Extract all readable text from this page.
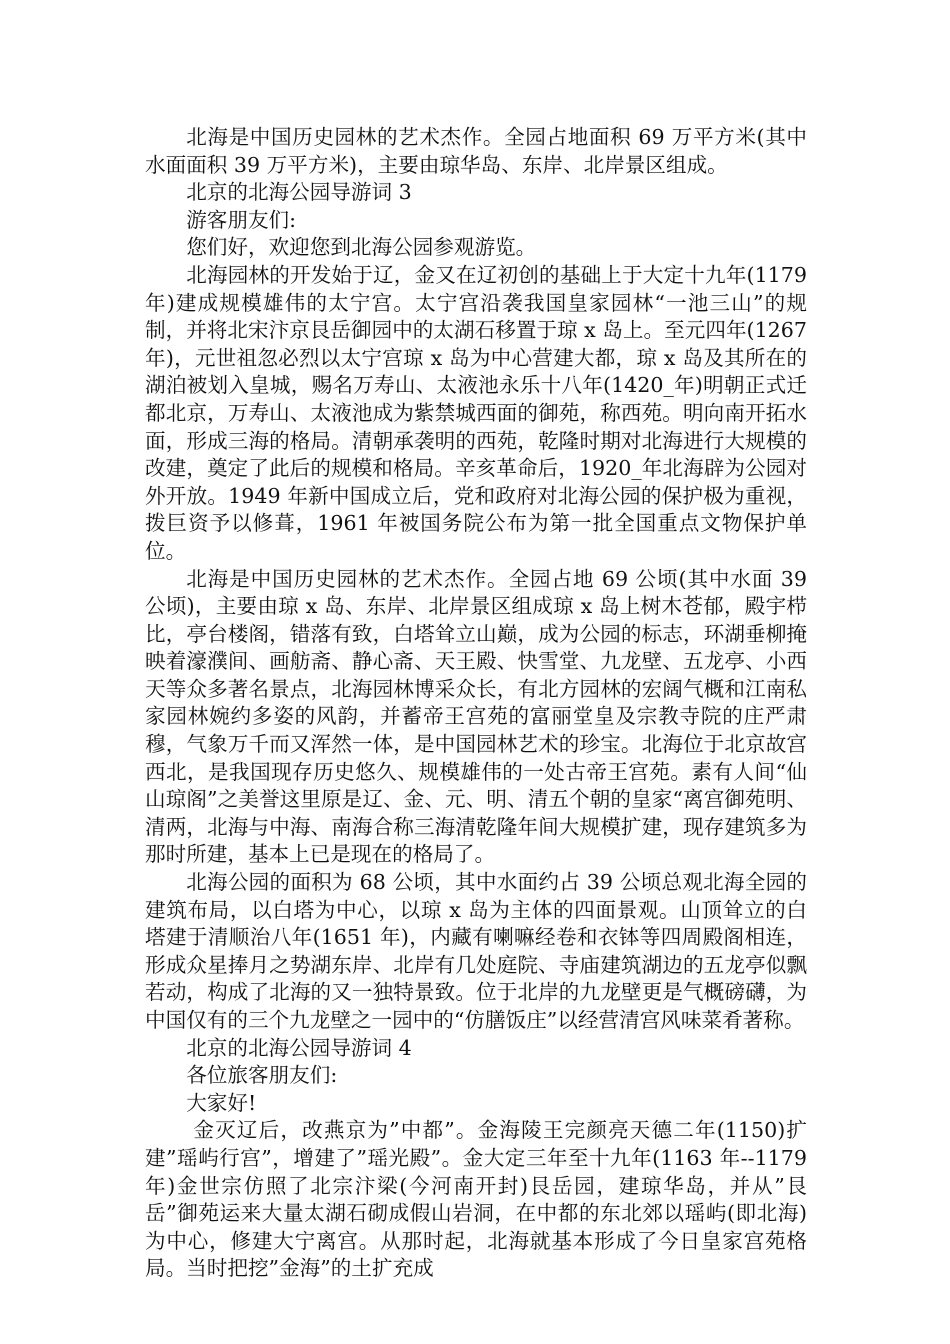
北海是中国历史园林的艺术杰作。全园占地面积 69 万平方米(其中水面面积 39 万平方米)，主要由琼华岛、东岸、北岸景区组成。

北京的北海公园导游词 3

游客朋友们:

您们好，欢迎您到北海公园参观游览。

北海园林的开发始于辽，金又在辽初创的基础上于大定十九年(1179 年)建成规模雄伟的太宁宫。太宁宫沿袭我国皇家园林“一池三山”的规制，并将北宋汴京艮岳御园中的太湖石移置于琼 x 岛上。至元四年(1267 年)，元世祖忽必烈以太宁宫琼 x 岛为中心营建大都，琼 x 岛及其所在的湖泊被划入皇城，赐名万寿山、太液池永乐十八年(1420_年)明朝正式迁都北京，万寿山、太液池成为紫禁城西面的御苑，称西苑。明向南开拓水面，形成三海的格局。清朝承袭明的西苑，乾隆时期对北海进行大规模的改建，奠定了此后的规模和格局。辛亥革命后，1920_年北海辟为公园对外开放。1949 年新中国成立后，党和政府对北海公园的保护极为重视，拨巨资予以修葺，1961 年被国务院公布为第一批全国重点文物保护单位。

北海是中国历史园林的艺术杰作。全园占地 69 公顷(其中水面 39 公顷)，主要由琼 x 岛、东岸、北岸景区组成琼 x 岛上树木苍郁，殿宇栉比，亭台楼阁，错落有致，白塔耸立山巅，成为公园的标志，环湖垂柳掩映着濠濮间、画舫斋、静心斋、天王殿、快雪堂、九龙壁、五龙亭、小西天等众多著名景点，北海园林博采众长，有北方园林的宏阔气概和江南私家园林婉约多姿的风韵，并蓄帝王宫苑的富丽堂皇及宗教寺院的庄严肃穆，气象万千而又浑然一体，是中国园林艺术的珍宝。北海位于北京故宫西北，是我国现存历史悠久、规模雄伟的一处古帝王宫苑。素有人间“仙山琼阁”之美誉这里原是辽、金、元、明、清五个朝的皇家“离宫御苑明、清两，北海与中海、南海合称三海清乾隆年间大规模扩建，现存建筑多为那时所建，基本上已是现在的格局了。

北海公园的面积为 68 公顷，其中水面约占 39 公顷总观北海全园的建筑布局，以白塔为中心，以琼 x 岛为主体的四面景观。山顶耸立的白塔建于清顺治八年(1651 年)，内藏有喇嘛经卷和衣钵等四周殿阁相连，形成众星捧月之势湖东岸、北岸有几处庭院、寺庙建筑湖边的五龙亭似飘若动，构成了北海的又一独特景致。位于北岸的九龙壁更是气概磅礴，为中国仅有的三个九龙壁之一园中的“仿膳饭庄”以经营清宫风味菜肴著称。

北京的北海公园导游词 4

各位旅客朋友们:

大家好!

金灭辽后，改燕京为”中都”。金海陵王完颜亮天德二年(1150)扩建”瑶屿行宫”，增建了”瑶光殿”。金大定三年至十九年(1163 年--1179 年)金世宗仿照了北宗汴梁(今河南开封)艮岳园，建琼华岛，并从”艮岳”御苑运来大量太湖石砌成假山岩洞，在中都的东北郊以瑶屿(即北海)为中心，修建大宁离宫。从那时起，北海就基本形成了今日皇家宫苑格局。当时把挖”金海”的土扩充成
